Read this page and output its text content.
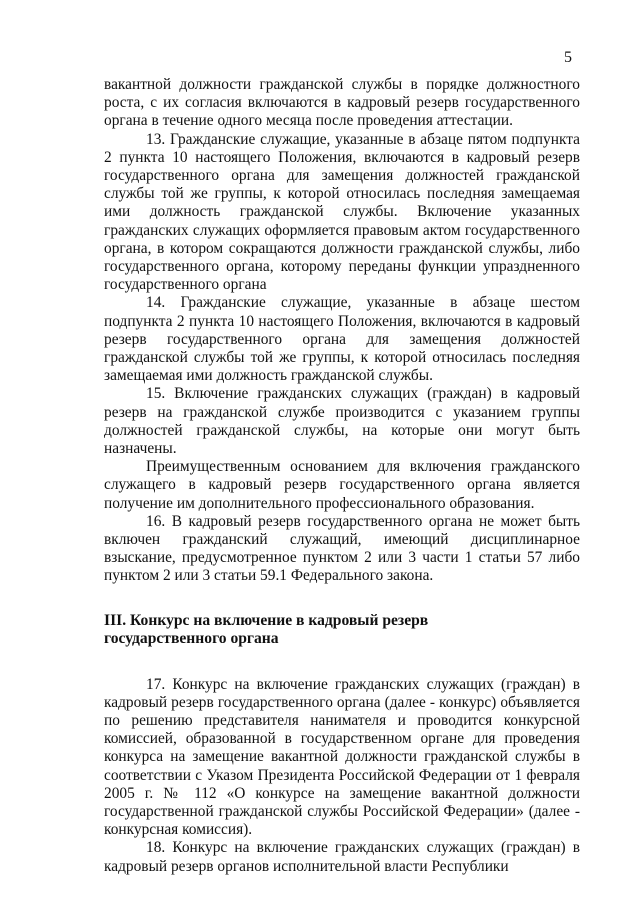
5

вакантной должности гражданской службы в порядке должностного роста, с их согласия включаются в кадровый резерв государственного органа в течение одного месяца после проведения аттестации.

13. Гражданские служащие, указанные в абзаце пятом подпункта 2 пункта 10 настоящего Положения, включаются в кадровый резерв государственного органа для замещения должностей гражданской службы той же группы, к которой относилась последняя замещаемая ими должность гражданской службы. Включение указанных гражданских служащих оформляется правовым актом государственного органа, в котором сокращаются должности гражданской службы, либо государственного органа, которому переданы функции упраздненного государственного органа

14. Гражданские служащие, указанные в абзаце шестом подпункта 2 пункта 10 настоящего Положения, включаются в кадровый резерв государственного органа для замещения должностей гражданской службы той же группы, к которой относилась последняя замещаемая ими должность гражданской службы.

15. Включение гражданских служащих (граждан) в кадровый резерв на гражданской службе производится с указанием группы должностей гражданской службы, на которые они могут быть назначены.

Преимущественным основанием для включения гражданского служащего в кадровый резерв государственного органа является получение им дополнительного профессионального образования.

16. В кадровый резерв государственного органа не может быть включен гражданский служащий, имеющий дисциплинарное взыскание, предусмотренное пунктом 2 или 3 части 1 статьи 57 либо пунктом 2 или 3 статьи 59.1 Федерального закона.

III. Конкурс на включение в кадровый резерв

государственного органа

17. Конкурс на включение гражданских служащих (граждан) в кадровый резерв государственного органа (далее - конкурс) объявляется по решению представителя нанимателя и проводится конкурсной комиссией, образованной в государственном органе для проведения конкурса на замещение вакантной должности гражданской службы в соответствии с Указом Президента Российской Федерации от 1 февраля 2005 г. № 112 «О конкурсе на замещение вакантной должности государственной гражданской службы Российской Федерации» (далее - конкурсная комиссия).

18. Конкурс на включение гражданских служащих (граждан) в кадровый резерв органов исполнительной власти Республики
